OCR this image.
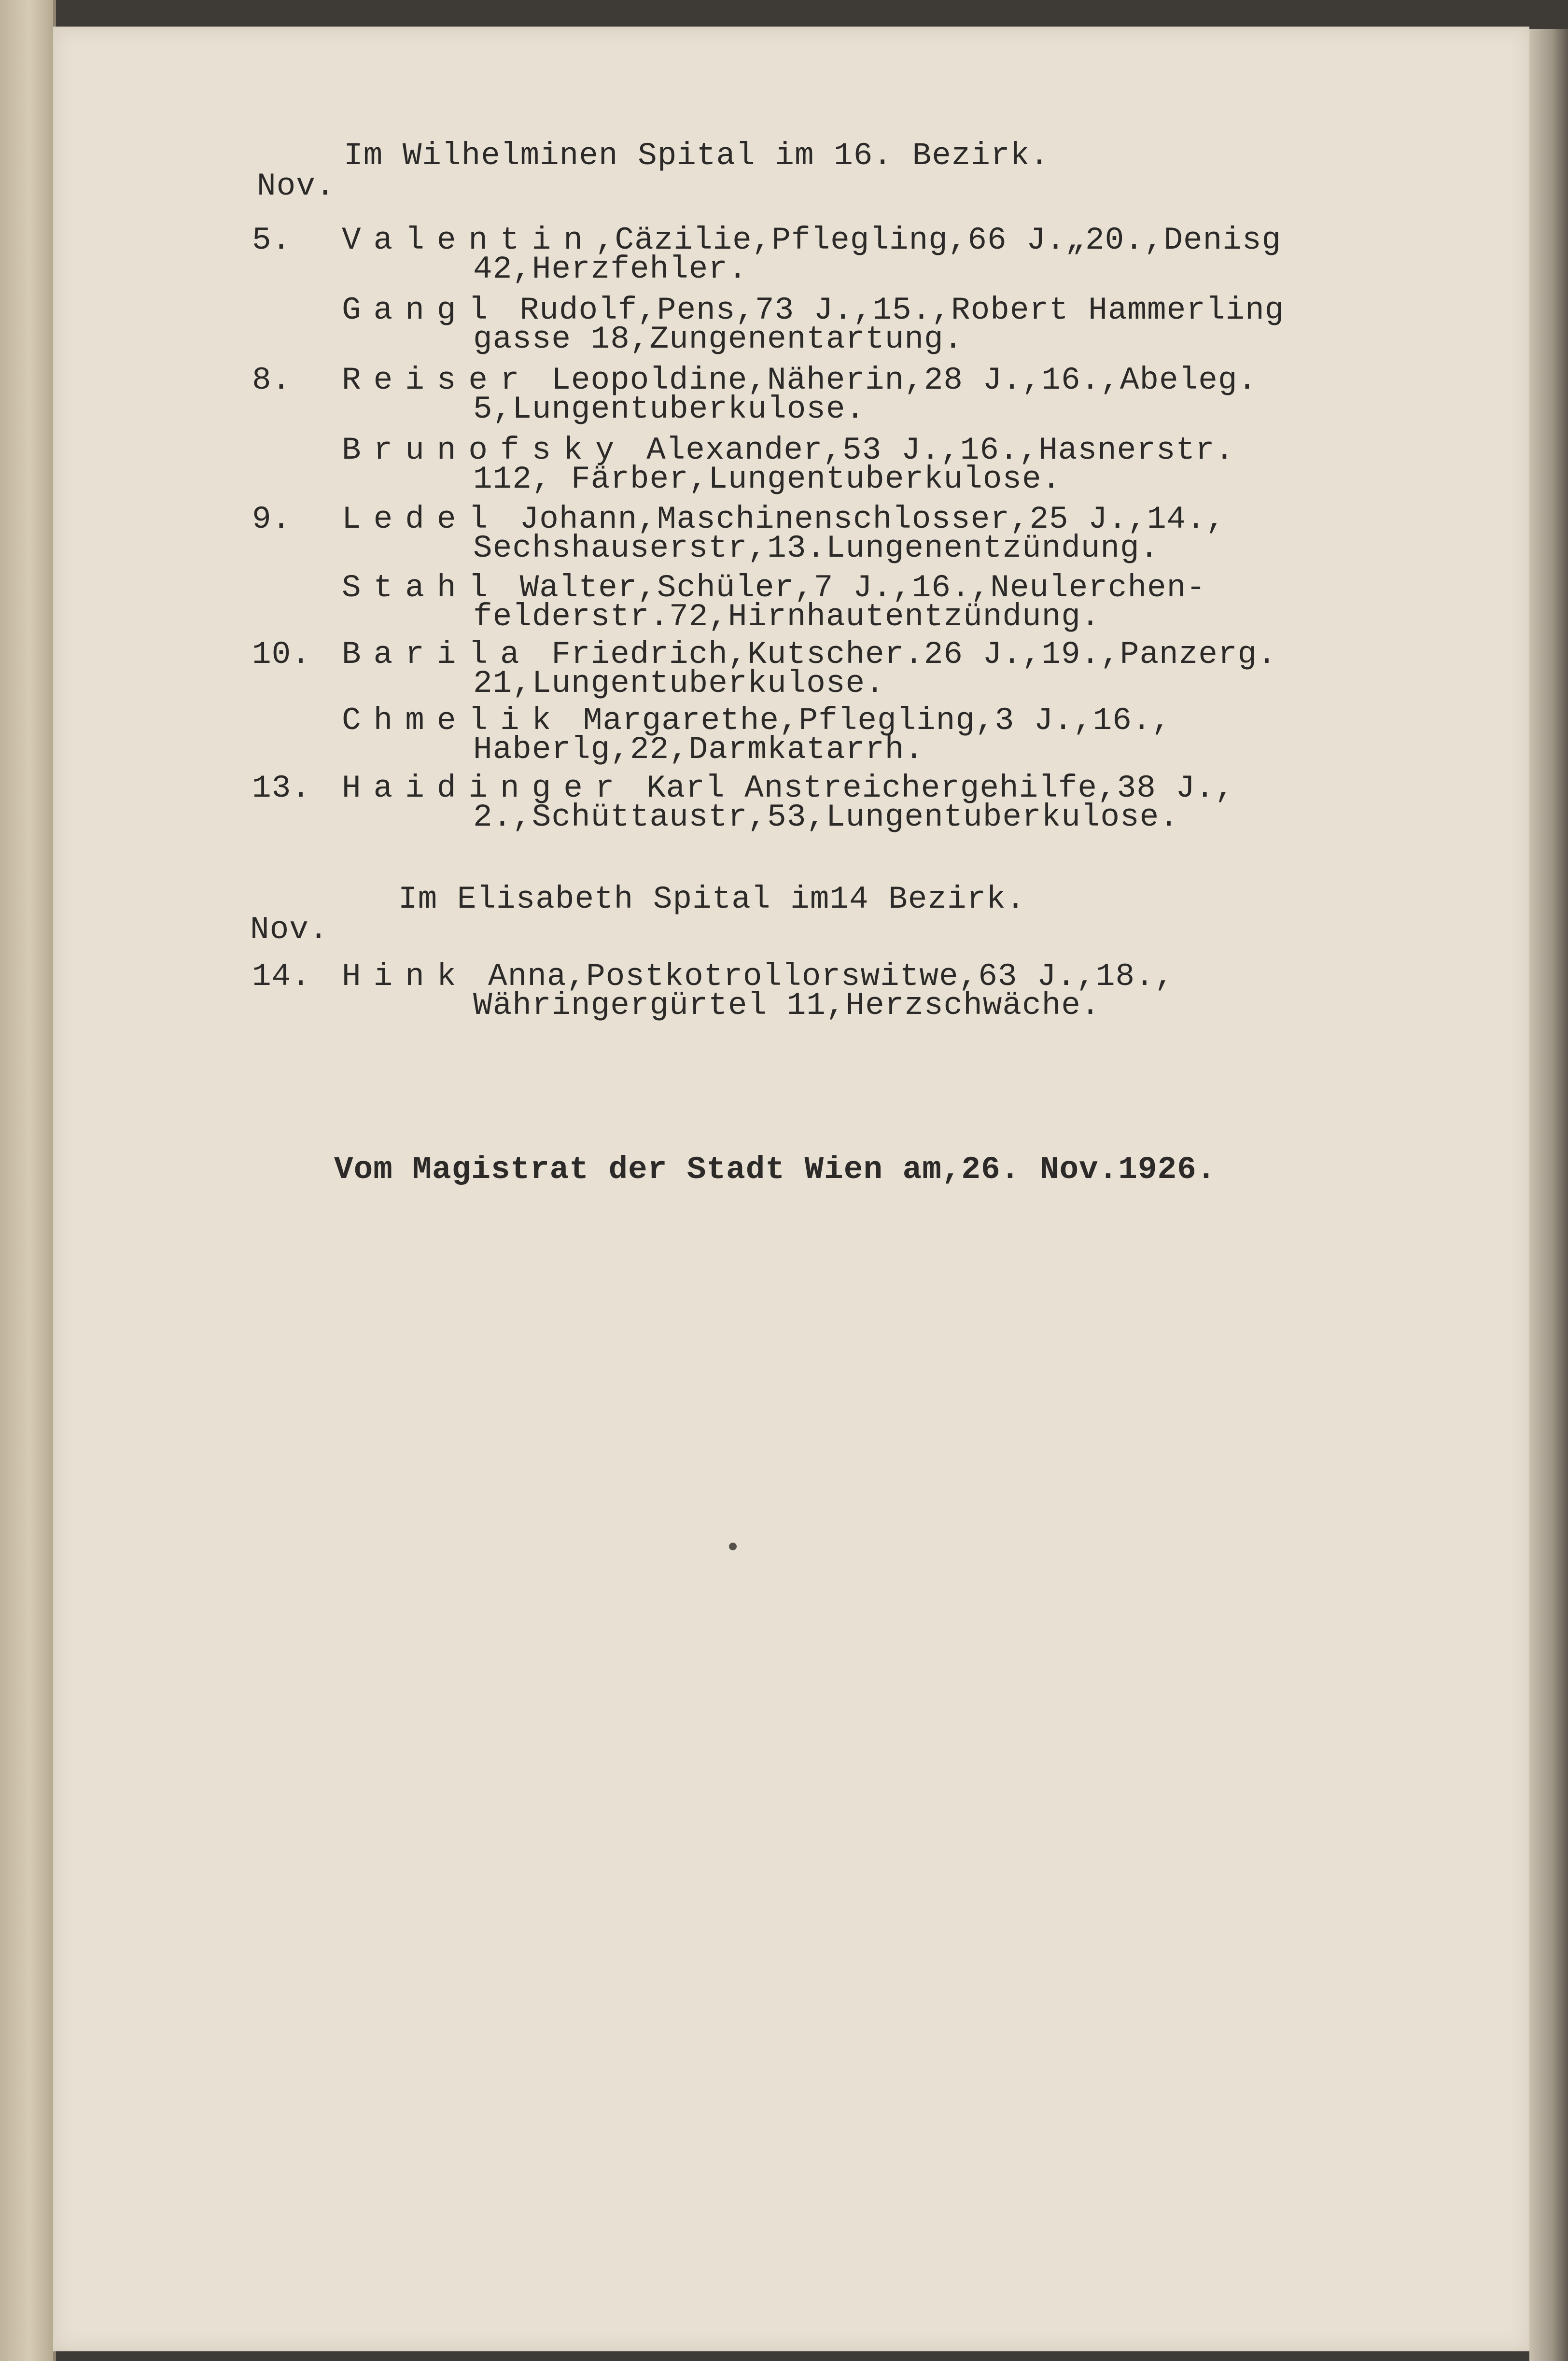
Im Wilhelminen Spital im 16. Bezirk.
Nov.
5. Valentin,Cäzilie,Pflegling,66 J.„20.,Denisg
42,Herzfehler.
Gangl Rudolf,Pens,73 J.,15.,Robert Hammerling
gasse 18,Zungenentartung.
8. Reiser Leopoldine,Näherin,28 J.,16.,Abeleg.
5,Lungentuberkulose.
Brunofsky Alexander,53 J.,16.,Hasnerstr.
112, Färber,Lungentuberkulose.
9. Ledel Johann,Maschinenschlosser,25 J.,14.,
Sechshauserstr,13.Lungenentzündung.
Stahl Walter,Schüler,7 J.,16.,Neulerchen-
felderstr.72,Hirnhautentzündung.
10. Barila Friedrich,Kutscher.26 J.,19.,Panzerg.
21,Lungentuberkulose.
Chmelik Margarethe,Pflegling,3 J.,16.,
Haberlg,22,Darmkatarrh.
13. Haidinger Karl Anstreichergehilfe,38 J.,
2.,Schüttaustr,53,Lungentuberkulose.
Im Elisabeth Spital im14 Bezirk.
Nov.
14. Hink Anna,Postkotrollorswitwe,63 J.,18.,
Währingergürtel 11,Herzschwäche.
Vom Magistrat der Stadt Wien am,26. Nov.1926.
